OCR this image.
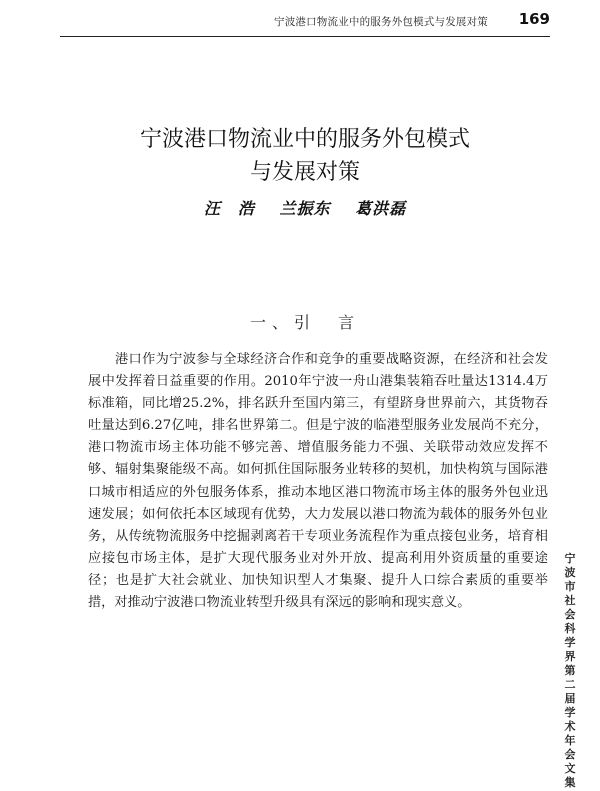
宁波港口物流业中的服务外包模式与发展对策 169
宁波港口物流业中的服务外包模式
与发展对策
汪　浩 兰振东 葛洪磊
一、引　言

港口作为宁波参与全球经济合作和竞争的重要战略资源，在经济和社会发展中发挥着日益重要的作用。2010年宁波一舟山港集装箱吞吐量达1314.4万标准箱，同比增25.2%，排名跃升至国内第三，有望跻身世界前六，其货物吞吐量达到6.27亿吨，排名世界第二。但是宁波的临港型服务业发展尚不充分，港口物流市场主体功能不够完善、增值服务能力不强、关联带动效应发挥不够、辐射集聚能级不高。如何抓住国际服务业转移的契机，加快构筑与国际港口城市相适应的外包服务体系，推动本地区港口物流市场主体的服务外包业迅速发展；如何依托本区域现有优势，大力发展以港口物流为载体的服务外包业务，从传统物流服务中挖掘剥离若干专项业务流程作为重点接包业务，培育相应接包市场主体，是扩大现代服务业对外开放、提高利用外资质量的重要途径；也是扩大社会就业、加快知识型人才集聚、提升人口综合素质的重要举措，对推动宁波港口物流业转型升级具有深远的影响和现实意义。

宁波市社会科学界第二届学术年会文集
